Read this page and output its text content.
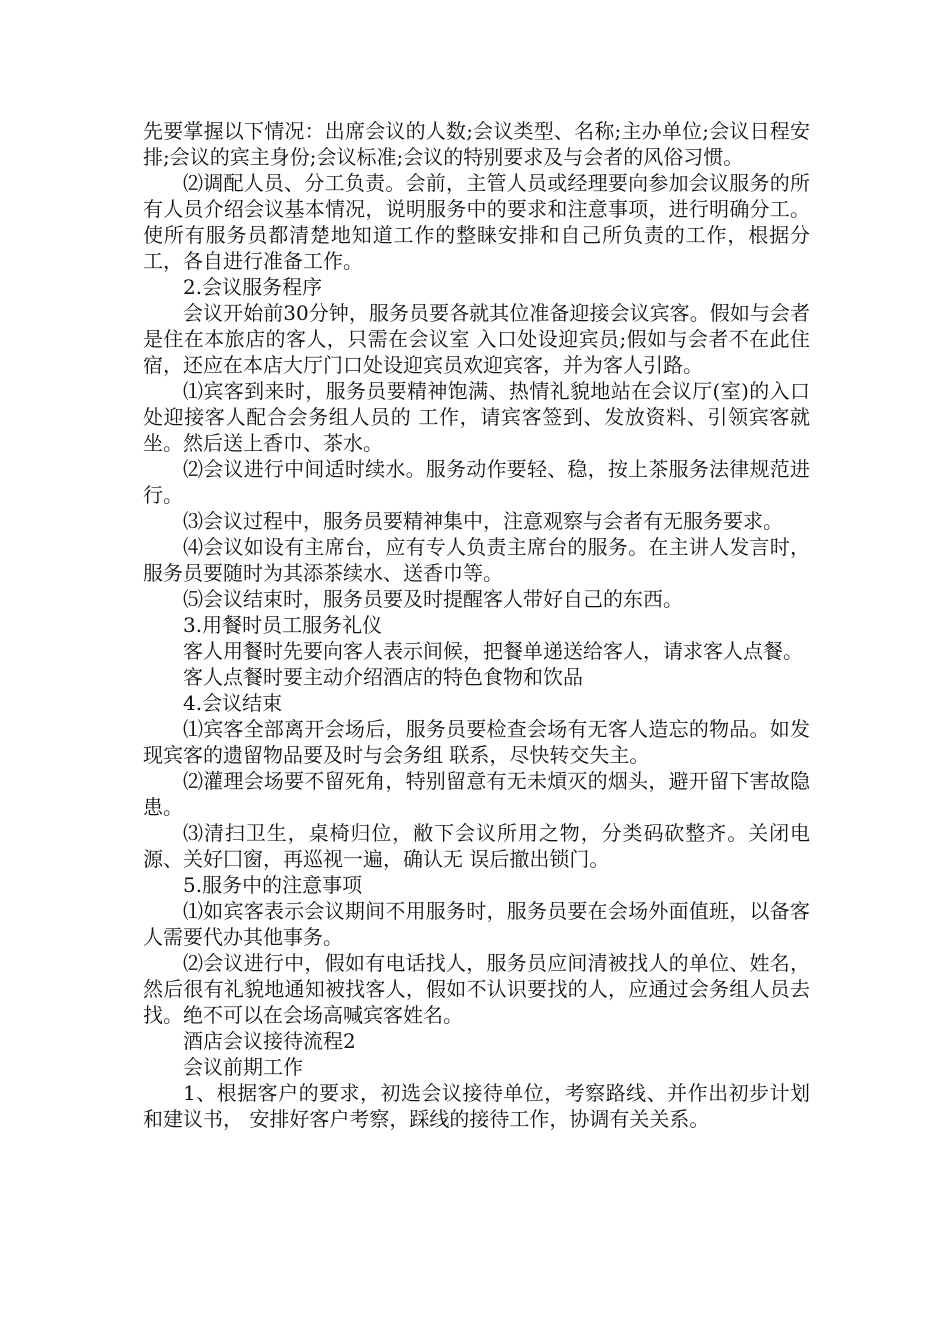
先要掌握以下情况：出席会议的人数;会议类型、名称;主办单位;会议日程安排;会议的宾主身份;会议标准;会议的特别要求及与会者的风俗习惯。

⑵调配人员、分工负责。会前，主管人员或经理要向参加会议服务的所有人员介绍会议基本情况，说明服务中的要求和注意事项，进行明确分工。使所有服务员都清楚地知道工作的整睐安排和自己所负责的工作，根据分工，各自进行准备工作。

2.会议服务程序

会议开始前30分钟，服务员要各就其位准备迎接会议宾客。假如与会者是住在本旅店的客人，只需在会议室 入口处设迎宾员;假如与会者不在此住宿，还应在本店大厅门口处设迎宾员欢迎宾客，并为客人引路。

⑴宾客到来时，服务员要精神饱满、热情礼貌地站在会议厅(室)的入口处迎接客人配合会务组人员的 工作，请宾客签到、发放资料、引领宾客就坐。然后送上香巾、茶水。

⑵会议进行中间适时续水。服务动作要轻、稳，按上茶服务法律规范进行。

⑶会议过程中，服务员要精神集中，注意观察与会者有无服务要求。

⑷会议如设有主席台，应有专人负责主席台的服务。在主讲人发言时，服务员要随时为其添茶续水、送香巾等。

⑸会议结束时，服务员要及时提醒客人带好自己的东西。

3.用餐时员工服务礼仪

客人用餐时先要向客人表示间候，把餐单递送给客人，请求客人点餐。

客人点餐时要主动介绍酒店的特色食物和饮品

4.会议结束

⑴宾客全部离开会场后，服务员要检查会场有无客人造忘的物品。如发现宾客的遗留物品要及时与会务组 联系，尽快转交失主。

⑵灌理会场要不留死角，特别留意有无未熕灭的烟头，避开留下害故隐患。

⑶清扫卫生，桌椅归位，敝下会议所用之物，分类码砍整齐。关闭电源、关好囗窗，再巡视一遍，确认无 误后撤出锁门。

5.服务中的注意事项

⑴如宾客表示会议期间不用服务时，服务员要在会场外面值班，以备客人需要代办其他事务。

⑵会议进行中，假如有电话找人，服务员应间清被找人的单位、姓名，然后很有礼貌地通知被找客人，假如不认识要找的人，应通过会务组人员去找。绝不可以在会场高喊宾客姓名。

酒店会议接待流程2

会议前期工作

1、根据客户的要求，初选会议接待单位，考察路线、并作出初步计划和建议书， 安排好客户考察，踩线的接待工作，协调有关关系。
